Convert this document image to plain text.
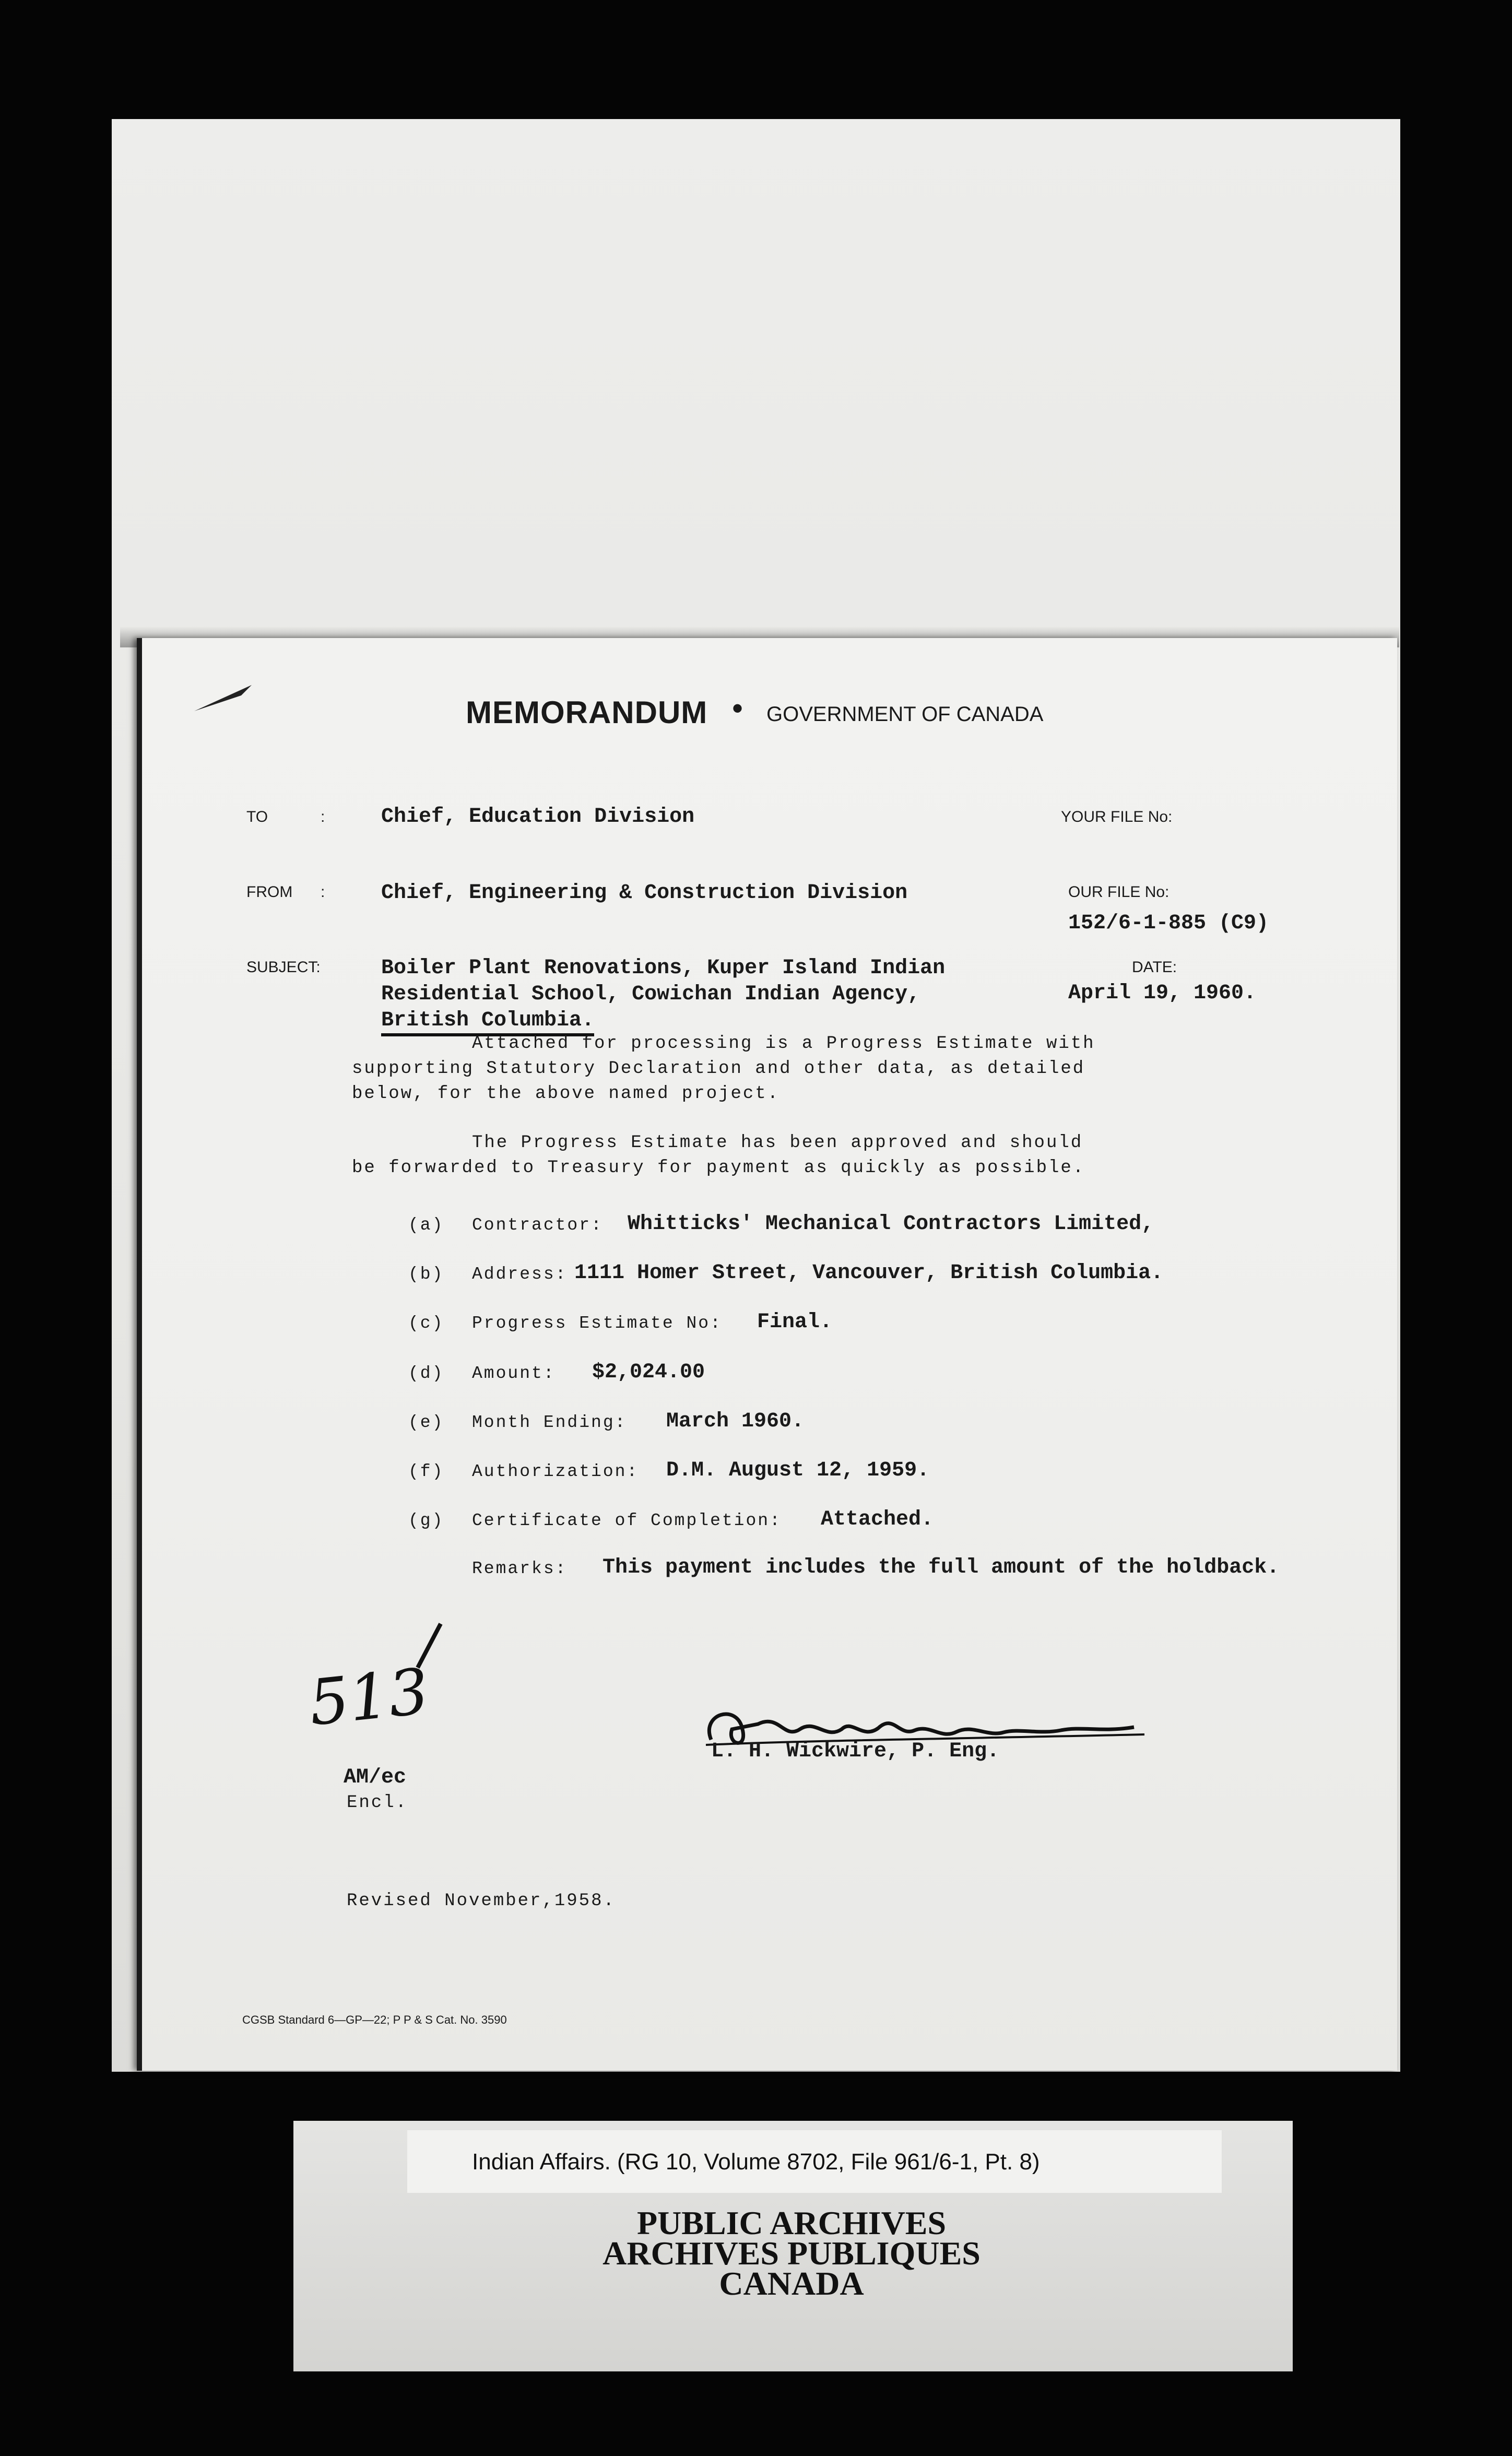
MEMORANDUM • GOVERNMENT OF CANADA
TO	:	Chief, Education Division	YOUR FILE No:
FROM :	Chief, Engineering & Construction Division	OUR FILE No:
152/6-1-885 (C9)
SUBJECT:	Boiler Plant Renovations, Kuper Island Indian
Residential School, Cowichan Indian Agency,
British Columbia.
DATE:
April 19, 1960.
Attached for processing is a Progress Estimate with
supporting Statutory Declaration and other data, as detailed
below, for the above named project.
The Progress Estimate has been approved and should
be forwarded to Treasury for payment as quickly as possible.
(a) Contractor: Whitticks' Mechanical Contractors Limited,
(b) Address: 1111 Homer Street, Vancouver, British Columbia.
(c) Progress Estimate No: Final.
(d) Amount: $2,024.00
(e) Month Ending: March 1960.
(f) Authorization: D.M. August 12, 1959.
(g) Certificate of Completion: Attached.
Remarks: This payment includes the full amount of the holdback.
513
L. H. Wickwire, P. Eng.
AM/ec
Encl.
Revised November,1958.
CGSB Standard 6—GP—22; P P & S Cat. No. 3590
Indian Affairs. (RG 10, Volume 8702, File 961/6-1, Pt. 8)
PUBLIC ARCHIVES
ARCHIVES PUBLIQUES
CANADA
